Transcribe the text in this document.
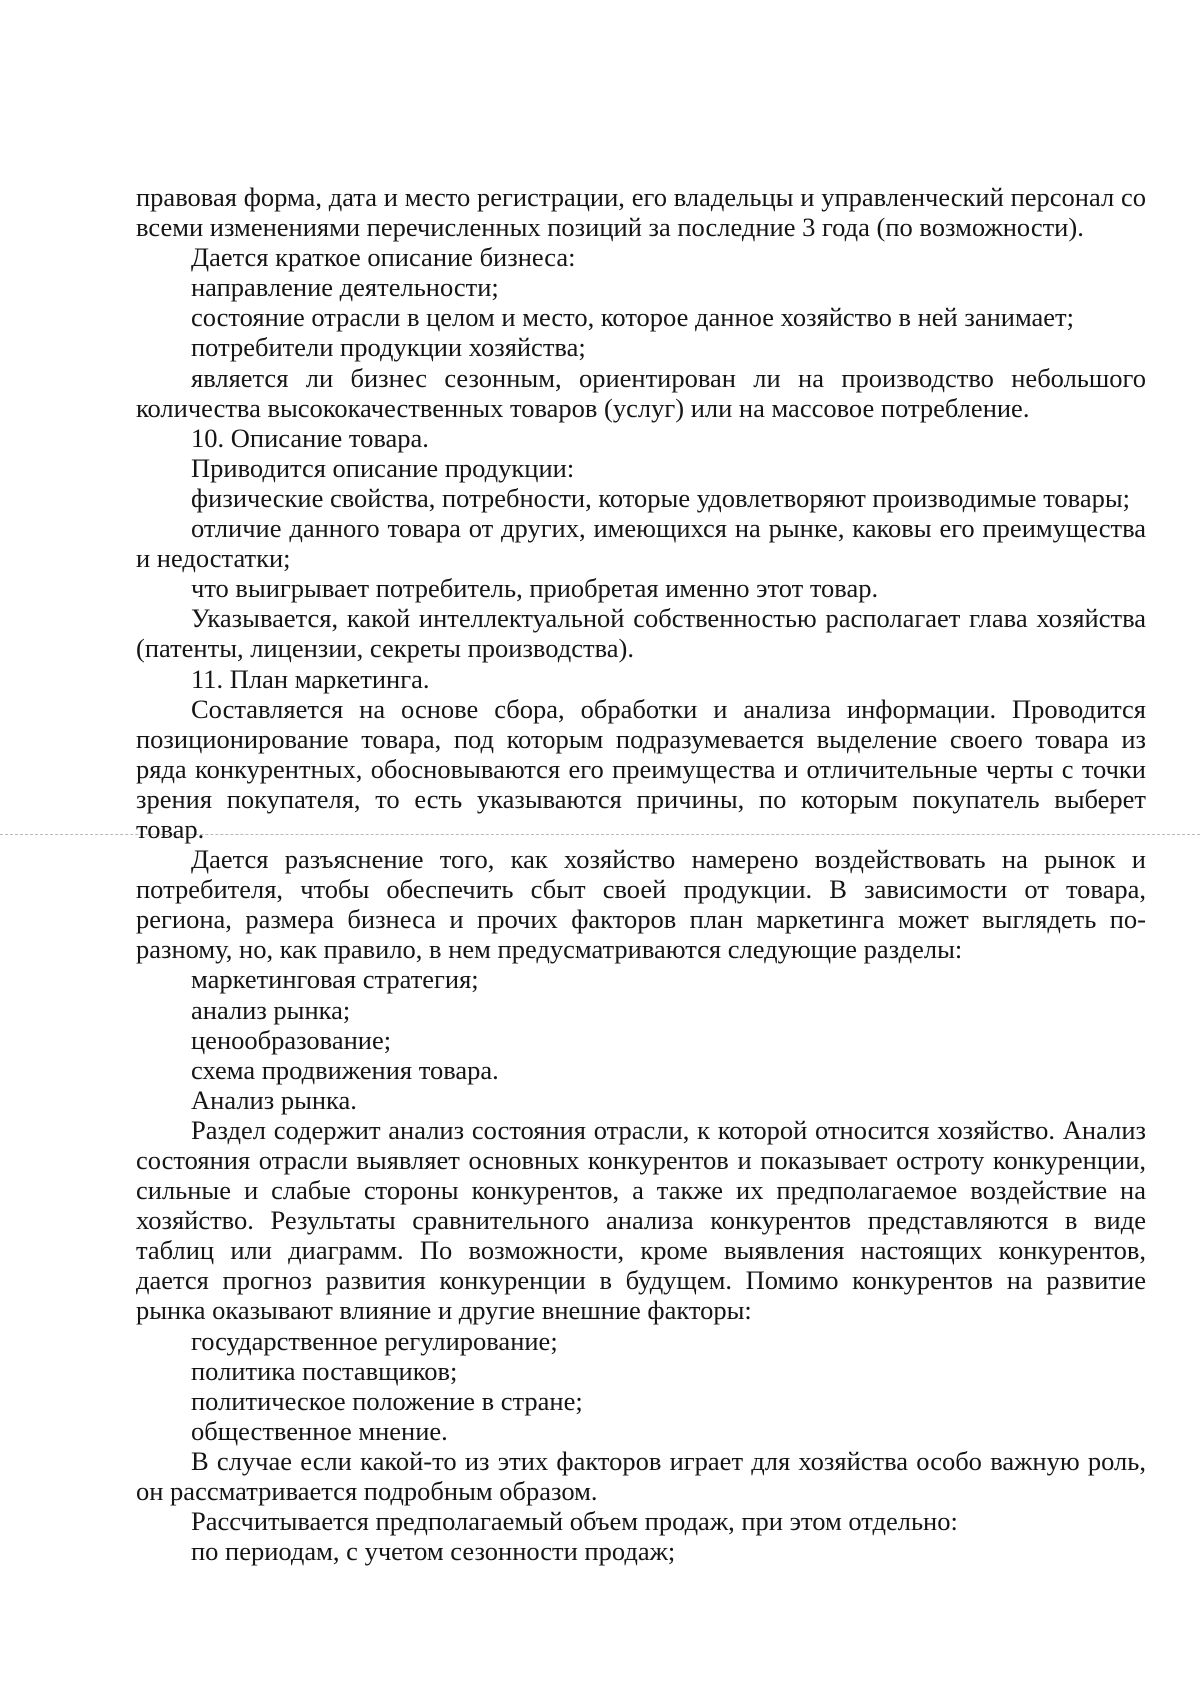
правовая форма, дата и место регистрации, его владельцы и управленческий персонал со всеми изменениями перечисленных позиций за последние 3 года (по возможности).

Дается краткое описание бизнеса:

направление деятельности;

состояние отрасли в целом и место, которое данное хозяйство в ней занимает;

потребители продукции хозяйства;

является ли бизнес сезонным, ориентирован ли на производство небольшого количества высококачественных товаров (услуг) или на массовое потребление.

10. Описание товара.

Приводится описание продукции:

физические свойства, потребности, которые удовлетворяют производимые товары;

отличие данного товара от других, имеющихся на рынке, каковы его преимущества и недостатки;

что выигрывает потребитель, приобретая именно этот товар.

Указывается, какой интеллектуальной собственностью располагает глава хозяйства (патенты, лицензии, секреты производства).

11. План маркетинга.

Составляется на основе сбора, обработки и анализа информации. Проводится позиционирование товара, под которым подразумевается выделение своего товара из ряда конкурентных, обосновываются его преимущества и отличительные черты с точки зрения покупателя, то есть указываются причины, по которым покупатель выберет товар.

Дается разъяснение того, как хозяйство намерено воздействовать на рынок и потребителя, чтобы обеспечить сбыт своей продукции. В зависимости от товара, региона, размера бизнеса и прочих факторов план маркетинга может выглядеть по-разному, но, как правило, в нем предусматриваются следующие разделы:

маркетинговая стратегия;

анализ рынка;

ценообразование;

схема продвижения товара.

Анализ рынка.

Раздел содержит анализ состояния отрасли, к которой относится хозяйство. Анализ состояния отрасли выявляет основных конкурентов и показывает остроту конкуренции, сильные и слабые стороны конкурентов, а также их предполагаемое воздействие на хозяйство. Результаты сравнительного анализа конкурентов представляются в виде таблиц или диаграмм. По возможности, кроме выявления настоящих конкурентов, дается прогноз развития конкуренции в будущем. Помимо конкурентов на развитие рынка оказывают влияние и другие внешние факторы:

государственное регулирование;

политика поставщиков;

политическое положение в стране;

общественное мнение.

В случае если какой-то из этих факторов играет для хозяйства особо важную роль, он рассматривается подробным образом.

Рассчитывается предполагаемый объем продаж, при этом отдельно:

по периодам, с учетом сезонности продаж;
